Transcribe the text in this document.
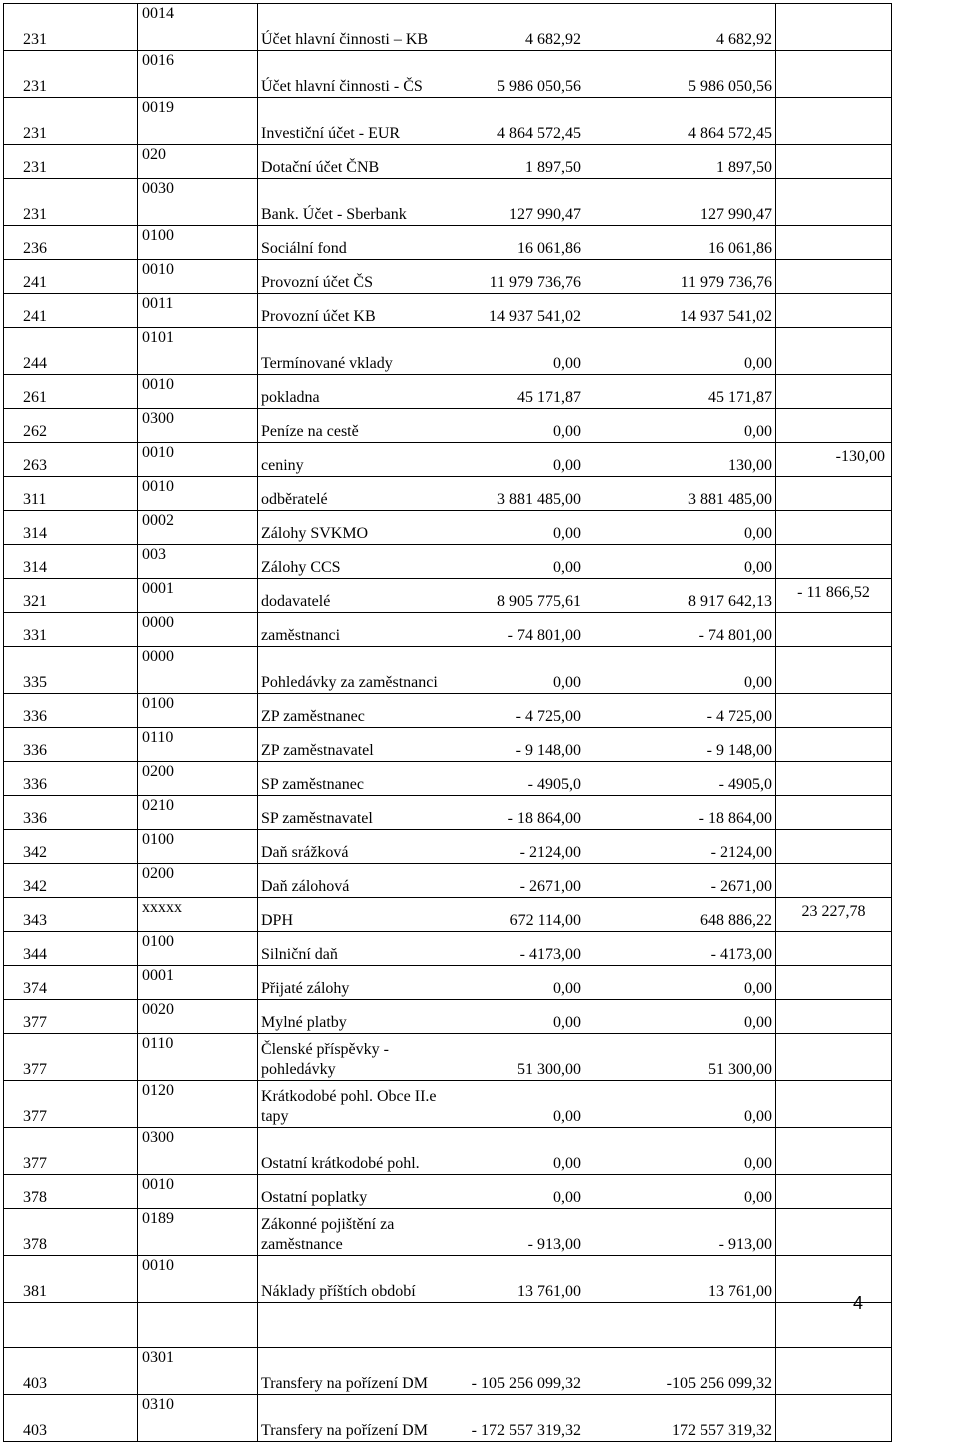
231	0014	Účet hlavní činnosti – KB	4 682,92	4 682,92	
231	0016	Účet hlavní činnosti - ČS	5 986 050,56	5 986 050,56	
231	0019	Investiční účet - EUR	4 864 572,45	4 864 572,45	
231	020	Dotační účet ČNB	1 897,50	1 897,50	
231	0030	Bank. Účet - Sberbank	127 990,47	127 990,47	
236	0100	Sociální fond	16 061,86	16 061,86	
241	0010	Provozní účet ČS	11 979 736,76	11 979 736,76	
241	0011	Provozní účet KB	14 937 541,02	14 937 541,02	
244	0101	Termínované vklady	0,00	0,00	
261	0010	pokladna	45 171,87	45 171,87	
262	0300	Peníze na cestě	0,00	0,00	
263	0010	ceniny	0,00	130,00	-130,00
311	0010	odběratelé	3 881 485,00	3 881 485,00	
314	0002	Zálohy SVKMO	0,00	0,00	
314	003	Zálohy CCS	0,00	0,00	
321	0001	dodavatelé	8 905 775,61	8 917 642,13	- 11 866,52
331	0000	zaměstnanci	- 74 801,00	- 74 801,00	
335	0000	Pohledávky za zaměstnanci	0,00	0,00	
336	0100	ZP zaměstnanec	- 4 725,00	- 4 725,00	
336	0110	ZP zaměstnavatel	- 9 148,00	- 9 148,00	
336	0200	SP zaměstnanec	- 4905,0	- 4905,0	
336	0210	SP zaměstnavatel	- 18 864,00	- 18 864,00	
342	0100	Daň srážková	- 2124,00	- 2124,00	
342	0200	Daň zálohová	- 2671,00	- 2671,00	
343	xxxxx	DPH	672 114,00	648 886,22	23 227,78
344	0100	Silniční daň	- 4173,00	- 4173,00	
374	0001	Přijaté zálohy	0,00	0,00	
377	0020	Mylné platby	0,00	0,00	
377	0110	Členské příspěvky - pohledávky	51 300,00	51 300,00	
377	0120	Krátkodobé pohl. Obce II.e tapy	0,00	0,00	
377	0300	Ostatní krátkodobé pohl.	0,00	0,00	
378	0010	Ostatní poplatky	0,00	0,00	
378	0189	Zákonné pojištění za zaměstnance	- 913,00	- 913,00	
381	0010	Náklady příštích období	13 761,00	13 761,00	

403	0301	Transfery na pořízení DM	- 105 256 099,32	-105 256 099,32	
403	0310	Transfery na pořízení DM	- 172 557 319,32	172 557 319,32	
4
